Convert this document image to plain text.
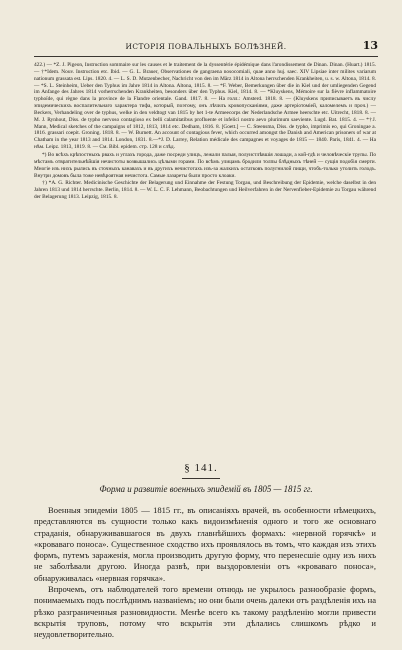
ИСТОРІЯ ПОВАЛЬНЫХЪ БОЛѢЗНЕЙ.	13

422.) — *Z. J. Pigeon, Instruction sommaire sur les causes et le traitement de la dyssentérie épidémique dans l'arondissement de Dinan. Dinan. (Huart.) 1815. — †*Idem. Nouv. Instruction etc. Ibid. — G. L. Brauer, Observationes de gangraena nosocomiali, quae anno huj. saec. XIV Lipsiae inter milites variarum nationum grassata est. Lips. 1820. 4. — L. S. D. Mutzenbecher, Nachricht von den im März 1814 in Altona herrschenden Krankheiten, u. s. w. Altona, 1814. 8. — *S. L. Steinheim, Ueber den Typhus im Jahre 1814 in Altona. Altona, 1815. 8. — *F. Weber, Bemerkungen über die in Kiel und der umliegenden Gegend im Anfange des Jahres 1814 vorherrschenden Krankheiten, besonders über den Typhus. Kiel, 1814. 8. — *Kluyskens, Mémoire sur la fièvre inflammatoire typhoïde, qui règne dans la province de la Flandre orientale. Gand. 1817. 8. — На голл.: Amsterd. 1818. 8. — (Kluyskens приписываетъ въ числу эпидемическихъ воспалительнаго характера тифа, который, поэтому, онъ лѣчилъ кровопусканіями, даже артеріотоміей, каломелемъ и проч.) — Beckers, Verhandeling over de typhus, welke in den veldtogt van 1815 by het 1-te Armeecorps der Nederlandsche Armee heerschte etc. Uitrecht, 1818. 8. — M. J. Rynhout, Diss. de typho nervoso contagioso ex belli calamitatibus profluente et infelici nostro aevo plurimum saeviente. Lugd. Bat. 1815. 4. — *†J. Mann, Medical sketches of the campaigns of 1812, 1813, 1814 etc. Dedham, 1816. 8. [Goett.] — C. Steensma, Diss. de typho, imprimis eo, qui Groningae a. 1816. grassari coepit. Groning. 1818. 8. — W. Burnett. An account of contagious fever, which occurred amongst the Danish and American prisoners of war at Chatham in the year 1813 and 1814. London, 1831. 8.—*J. D. Larrey, Relation médicale des campagnes et voyages de 1815 — 1840. Paris, 1841. 4. — На нѣм. Leipz. 1813, 1819. 8. — См. Bibl. epidem. стр. 128 и слѣд.

*) Во всѣхъ крѣпостныхъ рвахъ и углахъ города, даже посреди улицъ, лежали палыя, полуистлѣвшія лошади, а кой-гдѣ и человѣческіе трупы. По мѣстамъ отвратительнѣйшія нечистоты возвышались цѣлыми горами. По всѣмъ улицамъ бродили толпы блѣдныхъ тѣней — сущія подобія смерти. Многіе изъ нихъ рылись въ сточныхъ канавахъ и въ другихъ нечистотахъ изъ-за жалкихъ остатковъ полугнилой пищи, чтобъ-только утолить голодъ. Внутри домовъ была тоже невѣроятная нечистота. Самые лазареты были просто клоаки.

†) *A. G. Richter. Medicinische Geschichte der Belagerung und Einnahme der Festung Torgau, und Beschreibung der Epidemie, welche daselbst in den Jahren 1813 und 1814 herrschte. Berlin, 1814. 8. — W. L. C. F. Lehmann, Beobachtungen und Heilverfahren in der Nervenfieber-Epidemie zu Torgau während der Belagerung 1813. Leipzig, 1815. 8.

§ 141.
Форма и развитіе военныхъ эпидемій въ 1805 — 1815 гг.

Военныя эпидеміи 1805 — 1815 гг., въ описаніяхъ врачей, въ особенности нѣмецкихъ, представляются въ сущности только какъ видоизмѣненія одного и того же основнаго страданія, обнаруживавшагося въ двухъ главнѣйшихъ формахъ: «нервной горячкѣ» и «кроваваго поноса». Существенное сходство ихъ проявлялось въ томъ, что каждая изъ этихъ формъ, путемъ зараженія, могла производить другую форму, что перенесшіе одну изъ нихъ не заболѣвали другою. Иногда развѣ, при выздоровленіи отъ «кроваваго поноса», обнаруживалась «нервная горячка».

Впрочемъ, отъ наблюдателей того времени отнюдь не укрылось разнообразіе формъ, понимаемыхъ подъ послѣднимъ названіемъ; но они были очень далеки отъ раздѣленія ихъ на рѣзко разграниченныя разновидности. Менѣе всего къ такому раздѣленію могли привести вскрытія труповъ, потому что вскрытія эти дѣлались слишкомъ рѣдко и неудовлетворительно.
